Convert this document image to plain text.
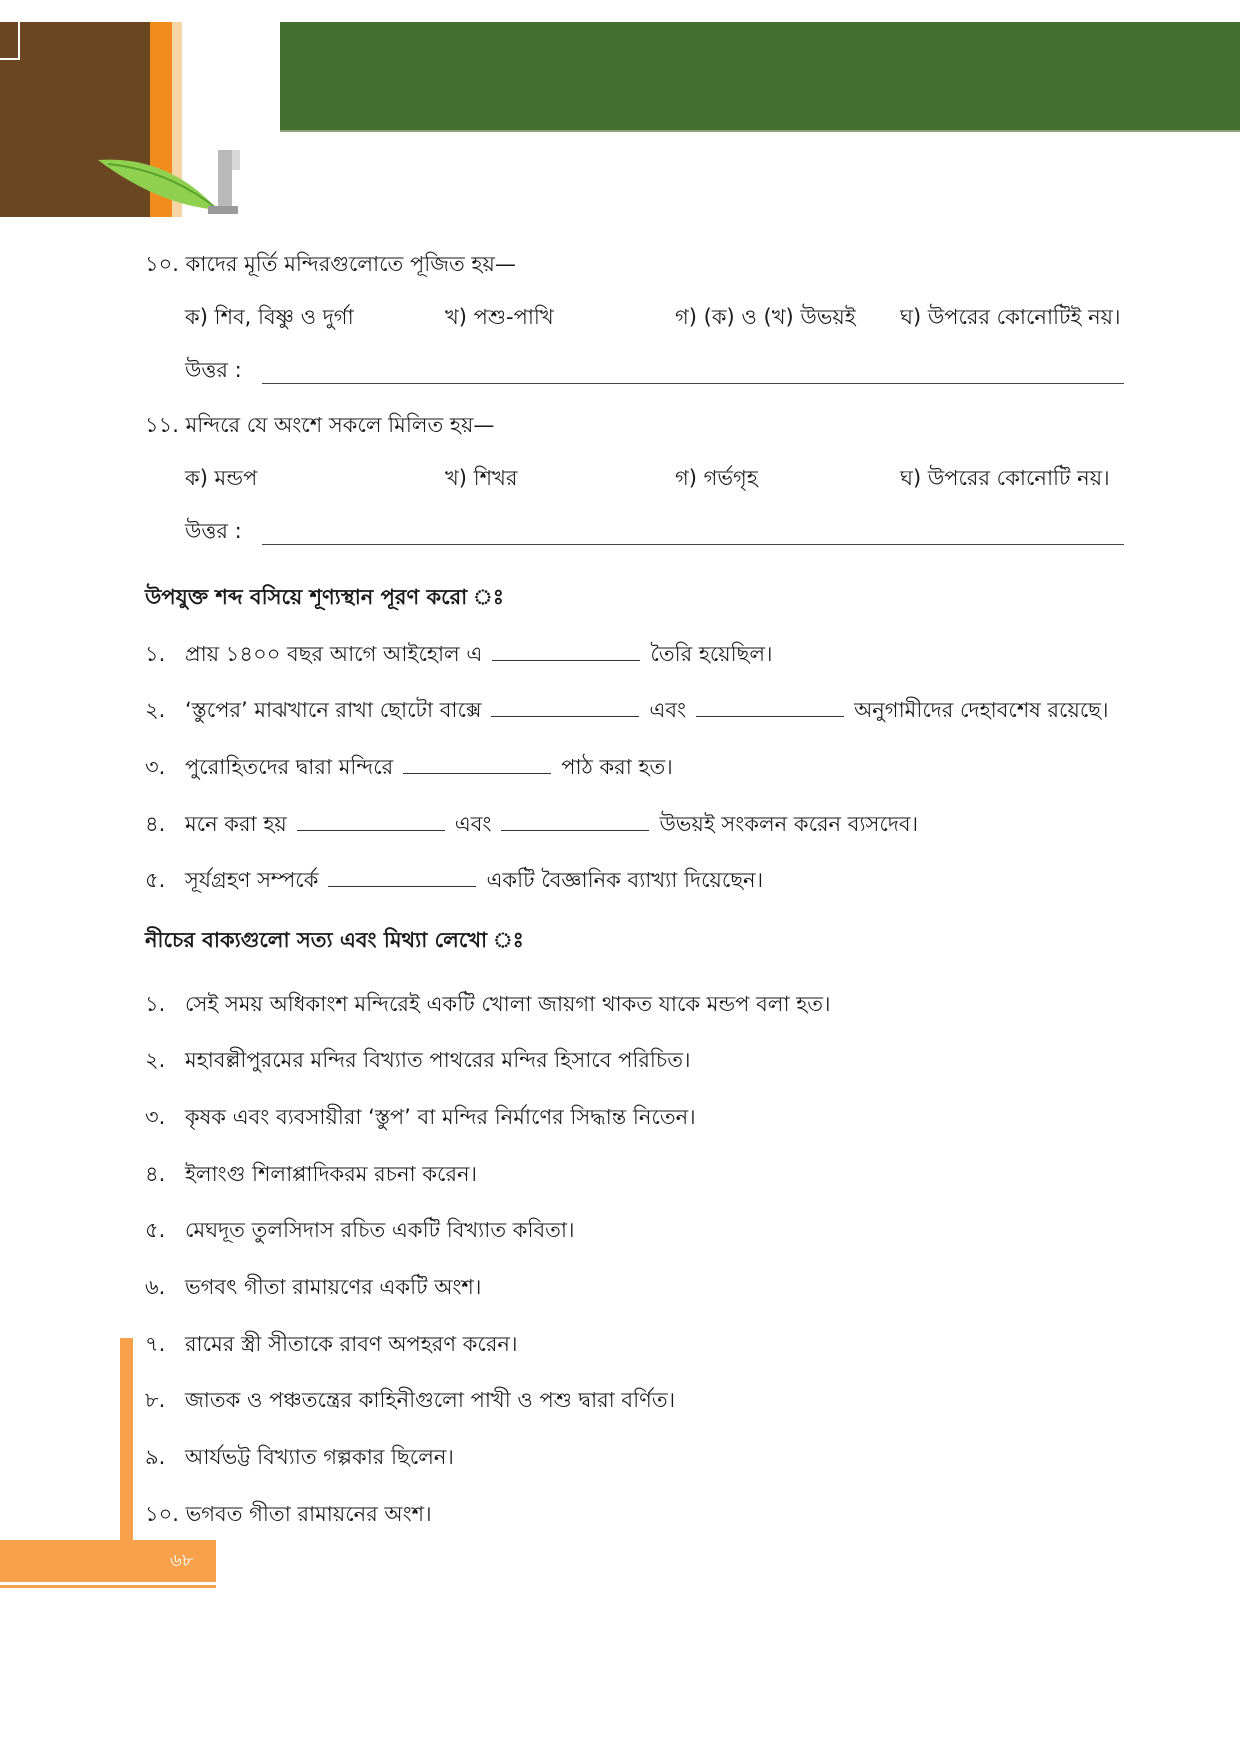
১০. কাদের মূর্তি মন্দিরগুলোতে পূজিত হয়—
ক) শিব, বিষ্ণু ও দুর্গা	খ) পশু-পাখি	গ) (ক) ও (খ) উভয়ই ঘ) উপরের কোনোটিই নয়।
উত্তর :
১১. মন্দিরে যে অংশে সকলে মিলিত হয়—
ক) মন্ডপ	খ) শিখর	গ) গর্ভগৃহ	ঘ) উপরের কোনোটি নয়।
উত্তর :
উপযুক্ত শব্দ বসিয়ে শূণ্যস্থান পূরণ করো ঃ
১. প্রায় ১৪০০ বছর আগে আইহোল এ	তৈরি হয়েছিল।
২. ‘স্তুপের’ মাঝখানে রাখা ছোটো বাক্সে	এবং	অনুগামীদের দেহাবশেষ রয়েছে।
৩. পুরোহিতদের দ্বারা মন্দিরে	পাঠ করা হত।
৪. মনে করা হয়	এবং	উভয়ই সংকলন করেন ব্যসদেব।
৫. সূর্যগ্রহণ সম্পর্কে	একটি বৈজ্ঞানিক ব্যাখ্যা দিয়েছেন।
নীচের বাক্যগুলো সত্য এবং মিথ্যা লেখো ঃ
১. সেই সময় অধিকাংশ মন্দিরেই একটি খোলা জায়গা থাকত যাকে মন্ডপ বলা হত।
২. মহাবল্লীপুরমের মন্দির বিখ্যাত পাথরের মন্দির হিসাবে পরিচিত।
৩. কৃষক এবং ব্যবসায়ীরা ‘স্তুপ’ বা মন্দির নির্মাণের সিদ্ধান্ত নিতেন।
৪. ইলাংগু শিলাপ্পাদিকরম রচনা করেন।
৫. মেঘদূত তুলসিদাস রচিত একটি বিখ্যাত কবিতা।
৬. ভগবৎ গীতা রামায়ণের একটি অংশ।
৭. রামের স্ত্রী সীতাকে রাবণ অপহরণ করেন।
৮. জাতক ও পঞ্চতন্ত্রের কাহিনীগুলো পাখী ও পশু দ্বারা বর্ণিত।
৯. আর্যভট্ট বিখ্যাত গল্পকার ছিলেন।
১০. ভগবত গীতা রামায়নের অংশ।
৬৮
